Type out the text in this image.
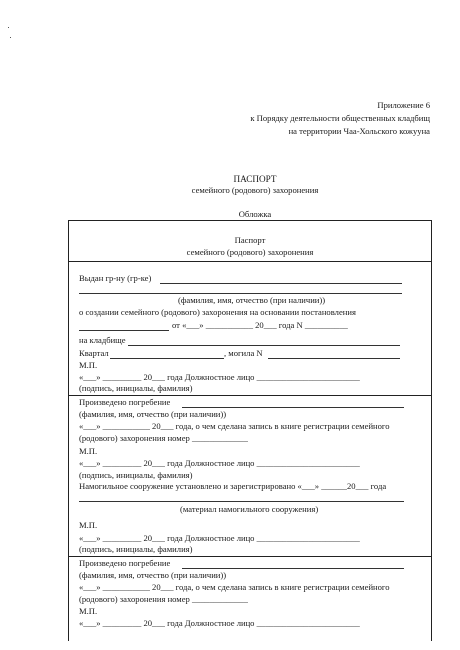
Приложение 6
к Порядку деятельности общественных кладбищ
на территории Чаа-Хольского кожууна
ПАСПОРТ
семейного (родового) захоронения
Обложка
Паспорт
семейного (родового) захоронения
Выдан гр-ну (гр-ке)
(фамилия, имя, отчество (при наличии))
о создании семейного (родового) захоронения на основании постановления
от «___» ___________ 20___ года N __________
на кладбище
Квартал	, могила N
М.П.
«___» _________ 20___ года Должностное лицо ________________________
(подпись, инициалы, фамилия)
Произведено погребение
(фамилия, имя, отчество (при наличии))
«___» ___________ 20___ года, о чем сделана запись в книге регистрации семейного
(родового) захоронения номер _____________
М.П.
«___» _________ 20___ года Должностное лицо ________________________
(подпись, инициалы, фамилия)
Намогильное сооружение установлено и зарегистрировано «___» ______20___ года
(материал намогильного сооружения)
М.П.
«___» _________ 20___ года Должностное лицо ________________________
(подпись, инициалы, фамилия)
Произведено погребение
(фамилия, имя, отчество (при наличии))
«___» ___________ 20___ года, о чем сделана запись в книге регистрации семейного
(родового) захоронения номер _____________
М.П.
«___» _________ 20___ года Должностное лицо ________________________
